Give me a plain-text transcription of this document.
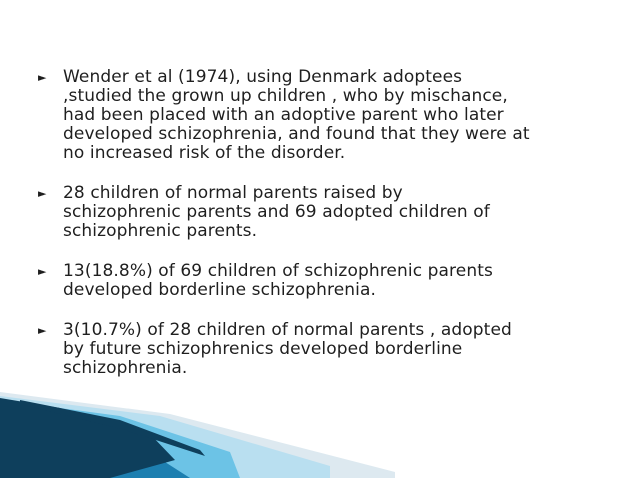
► Wender et al (1974), using Denmark adoptees
,studied the grown up children , who by mischance,
had been placed with an adoptive parent who later
developed schizophrenia, and found that they were at
no increased risk of the disorder.
► 28 children of normal parents raised by
schizophrenic parents and 69 adopted children of
schizophrenic parents.
► 13(18.8%) of 69 children of schizophrenic parents
developed borderline schizophrenia.
► 3(10.7%) of 28 children of normal parents , adopted
by future schizophrenics developed borderline
schizophrenia.
